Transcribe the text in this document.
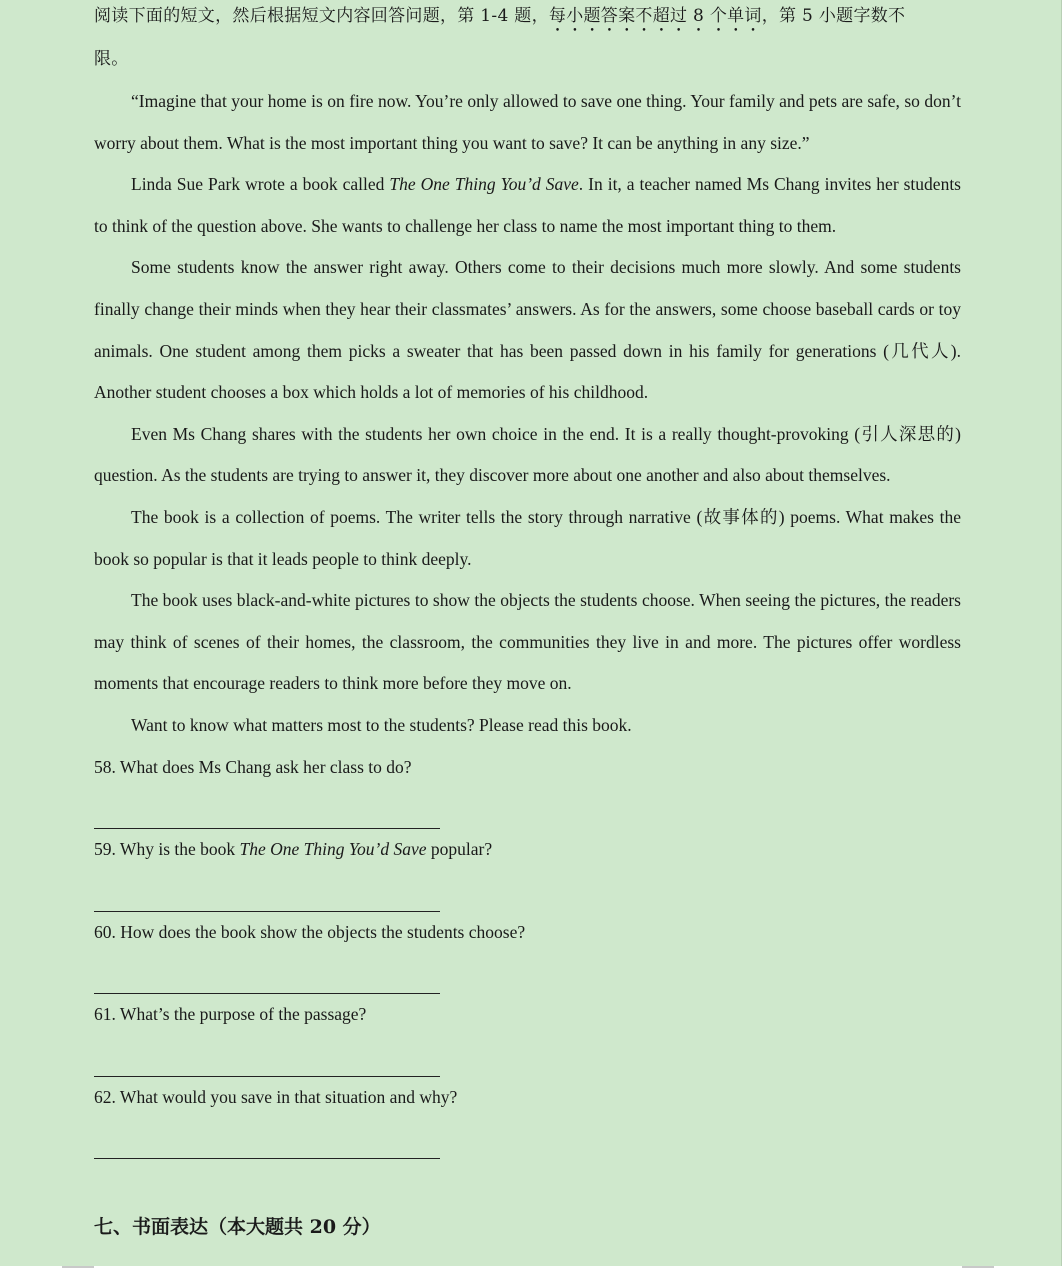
阅读下面的短文，然后根据短文内容回答问题，第 1-4 题，每小题答案不超过 8 个单词，第 5 小题字数不
限。

“Imagine that your home is on fire now. You’re only allowed to save one thing. Your family and pets are safe, so don’t worry about them. What is the most important thing you want to save? It can be anything in any size.”

Linda Sue Park wrote a book called The One Thing You’d Save. In it, a teacher named Ms Chang invites her students to think of the question above. She wants to challenge her class to name the most important thing to them.

Some students know the answer right away. Others come to their decisions much more slowly. And some students finally change their minds when they hear their classmates’ answers. As for the answers, some choose baseball cards or toy animals. One student among them picks a sweater that has been passed down in his family for generations (几代人). Another student chooses a box which holds a lot of memories of his childhood.

Even Ms Chang shares with the students her own choice in the end. It is a really thought-provoking (引人深思的) question. As the students are trying to answer it, they discover more about one another and also about themselves.

The book is a collection of poems. The writer tells the story through narrative (故事体的) poems. What makes the book so popular is that it leads people to think deeply.

The book uses black-and-white pictures to show the objects the students choose. When seeing the pictures, the readers may think of scenes of their homes, the classroom, the communities they live in and more. The pictures offer wordless moments that encourage readers to think more before they move on.

Want to know what matters most to the students? Please read this book.

58. What does Ms Chang ask her class to do?

59. Why is the book The One Thing You’d Save popular?

60. How does the book show the objects the students choose?

61. What’s the purpose of the passage?

62. What would you save in that situation and why?

七、书面表达（本大题共 20 分）
